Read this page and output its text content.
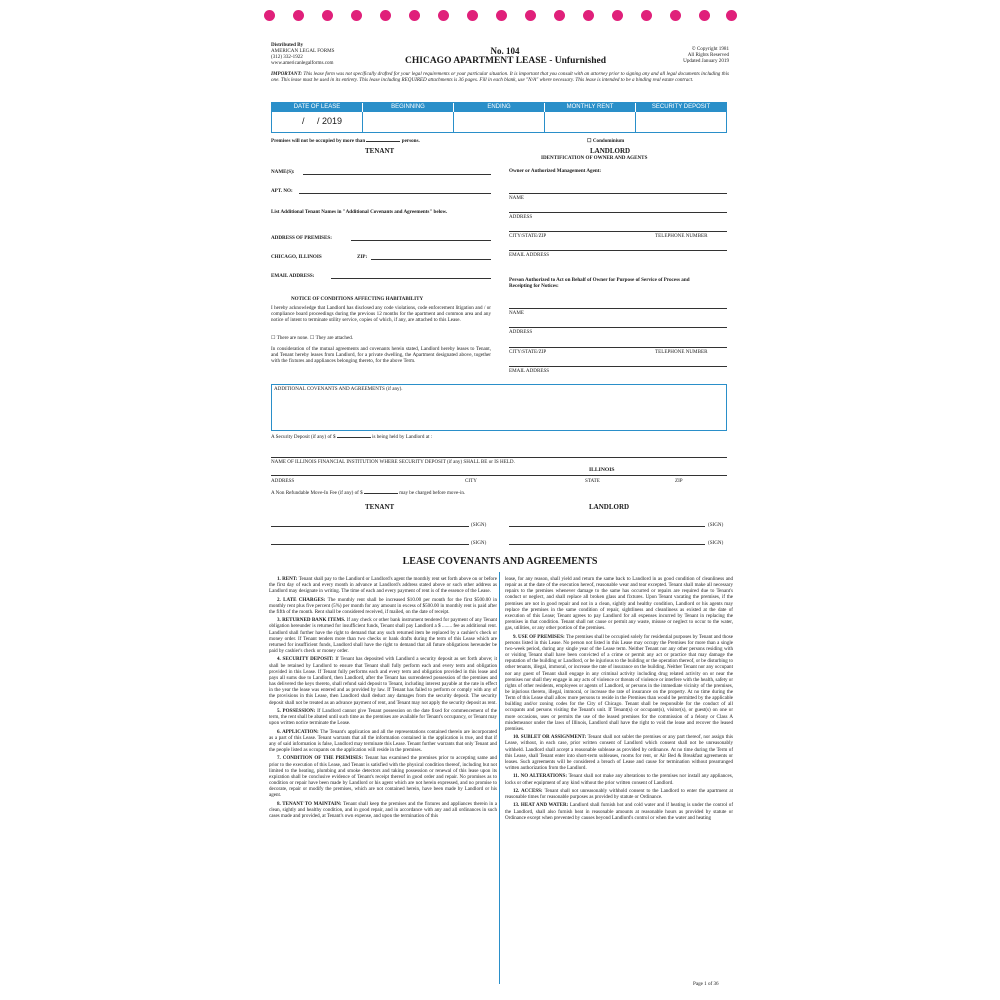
Distributed By
AMERICAN LEGAL FORMS
(312) 332-1922
www.americanlegalforms.com
No. 104
CHICAGO APARTMENT LEASE - Unfurnished
© Copyright 1981
All Rights Reserved
Updated January 2019
IMPORTANT: This lease form was not specifically drafted for your legal requirements or your particular situation. It is important that you consult with an attorney prior to signing any and all legal documents including this one. This lease must be used in its entirety. This lease including REQUIRED attachments is 36 pages. Fill in each blank, use "N/A" where necessary. This lease is intended to be a binding real estate contract.
DATE OF LEASE	BEGINNING	ENDING	MONTHLY RENT	SECURITY DEPOSIT
/     / 2019
Premises will not be occupied by more than	persons.	☐ Condominium
TENANT
NAME(S):
APT. NO:
List Additional Tenant Names in "Additional Covenants and Agreements" below.
ADDRESS OF PREMISES:
CHICAGO, ILLINOIS	ZIP:
EMAIL ADDRESS:
NOTICE OF CONDITIONS AFFECTING HABITABILITY
I hereby acknowledge that Landlord has disclosed any code violations, code enforcement litigation and / or compliance board proceedings during the previous 12 months for the apartment and common area and any notice of intent to terminate utility service, copies of which, if any, are attached to this Lease.
☐ There are none. ☐ They are attached.
In consideration of the mutual agreements and covenants herein stated, Landlord hereby leases to Tenant, and Tenant hereby leases from Landlord, for a private dwelling, the Apartment designated above, together with the fixtures and appliances belonging thereto, for the above Term.
LANDLORD
IDENTIFICATION OF OWNER AND AGENTS
Owner or Authorized Management Agent:
NAME
ADDRESS
CITY/STATE/ZIP	TELEPHONE NUMBER
EMAIL ADDRESS
Person Authorized to Act on Behalf of Owner for Purpose of Service of Process and Receipting for Notices:
NAME
ADDRESS
CITY/STATE/ZIP	TELEPHONE NUMBER
EMAIL ADDRESS
ADDITIONAL COVENANTS AND AGREEMENTS (if any).
A Security Deposit (if any) of $	is being held by Landlord at :
NAME OF ILLINOIS FINANCIAL INSTITUTION WHERE SECURITY DEPOSIT (if any) SHALL BE or IS HELD.
ILLINOIS
ADDRESS	CITY	STATE	ZIP
A Non Refundable Move-In Fee (if any) of $	may be charged before move-in.
TENANT	LANDLORD
(SIGN)	(SIGN)
(SIGN)	(SIGN)
LEASE COVENANTS AND AGREEMENTS

1. RENT: Tenant shall pay to the Landlord or Landlord's agent the monthly rent set forth above on or before the first day of each and every month in advance at Landlord's address stated above or such other address as Landlord may designate in writing. The time of each and every payment of rent is of the essence of the Lease.

2. LATE CHARGES: The monthly rent shall be increased $10.00 per month for the first $500.00 in monthly rent plus five percent (5%) per month for any amount in excess of $500.00 in monthly rent is paid after the fifth of the month. Rent shall be considered received, if mailed, on the date of receipt.

3. RETURNED BANK ITEMS. If any check or other bank instrument tendered for payment of any Tenant obligation hereunder is returned for insufficient funds, Tenant shall pay Landlord a $ ........ fee as additional rent. Landlord shall further have the right to demand that any such returned item be replaced by a cashier's check or money order. If Tenant tenders more than two checks or bank drafts during the term of this Lease which are returned for insufficient funds, Landlord shall have the right to demand that all future obligations hereunder be paid by cashier's check or money order.

4. SECURITY DEPOSIT: If Tenant has deposited with Landlord a security deposit as set forth above; it shall be retained by Landlord to ensure that Tenant shall fully perform each and every term and obligation provided in this Lease. If Tenant fully performs each and every term and obligation provided in this lease and pays all sums due to Landlord, then Landlord, after the Tenant has surrendered possession of the premises and has delivered the keys thereto, shall refund said deposit to Tenant, including interest payable at the rate in effect in the year the lease was entered and as provided by law. If Tenant has failed to perform or comply with any of the provisions in this Lease, then Landlord shall deduct any damages from the security deposit. The security deposit shall not be treated as an advance payment of rent, and Tenant may not apply the security deposit as rent.

5. POSSESSION: If Landlord cannot give Tenant possession on the date fixed for commencement of the term, the rent shall be abated until such time as the premises are available for Tenant's occupancy, or Tenant may upon written notice terminate the Lease.

6. APPLICATION: The Tenant's application and all the representations contained therein are incorporated as a part of this Lease. Tenant warrants that all the information contained in the application is true, and that if any of said information is false, Landlord may terminate this Lease. Tenant further warrants that only Tenant and the people listed as occupants on the application will reside in the premises.

7. CONDITION OF THE PREMISES: Tenant has examined the premises prior to accepting same and prior to the execution of this Lease, and Tenant is satisfied with the physical condition thereof, including but not limited to the heating, plumbing and smoke detectors and taking possession or renewal of this lease upon its expiration shall be conclusive evidence of Tenant's receipt thereof in good order and repair. No promises as to condition or repair have been made by Landlord or his agent which are not herein expressed, and no promise to decorate, repair or modify the premises, which are not contained herein, have been made by Landlord or his agent.

8. TENANT TO MAINTAIN: Tenant shall keep the premises and the fixtures and appliances therein in a clean, sightly and healthy condition, and in good repair, and in accordance with any and all ordinances in such cases made and provided, at Tenant's own expense, and upon the termination of this

lease, for any reason, shall yield and return the same back to Landlord in as good condition of cleanliness and repair as at the date of the execution hereof, reasonable wear and tear excepted. Tenant shall make all necessary repairs to the premises whenever damage to the same has occurred or repairs are required due to Tenant's conduct or neglect, and shall replace all broken glass and fixtures. Upon Tenant vacating the premises, if the premises are not in good repair and not in a clean, sightly and healthy condition, Landlord or his agents may replace the premises in the same condition of repair, sightliness and cleanliness as existed at the date of execution of this Lease; Tenant agrees to pay Landlord for all expenses incurred by Tenant in replacing the premises in that condition. Tenant shall not cause or permit any waste, misuse or neglect to occur to the water, gas, utilities, or any other portion of the premises.

9. USE OF PREMISES: The premises shall be occupied solely for residential purposes by Tenant and those persons listed in this Lease. No person not listed in this Lease may occupy the Premises for more than a single two-week period, during any single year of the Lease term. Neither Tenant nor any other persons residing with or visiting Tenant shall have been convicted of a crime or permit any act or practice that may damage the reputation of the building or Landlord, or be injurious to the building or the operation thereof, or be disturbing to other tenants, illegal, immoral, or increase the rate of insurance on the building. Neither Tenant nor any occupant nor any guest of Tenant shall engage in any criminal activity including drug related activity on or near the premises nor shall they engage in any acts of violence or threats of violence or interfere with the health, safety or rights of other residents, employees or agents of Landlord, or persons in the immediate vicinity of the premises, be injurious thereto, illegal, immoral, or increase the rate of insurance on the property. At no time during the Term of this Lease shall allow more persons to reside in the Premises than would be permitted by the applicable building and/or zoning codes for the City of Chicago. Tenant shall be responsible for the conduct of all occupants and persons visiting the Tenant's unit. If Tenant(s) or occupant(s), visitor(s), or guest(s) on one or more occasions, uses or permits the use of the leased premises for the commission of a felony or Class A misdemeanor under the laws of Illinois, Landlord shall have the right to void the lease and recover the leased premises.

10. SUBLET OR ASSIGNMENT: Tenant shall not sublet the premises or any part thereof, nor assign this Lease, without, in each case, prior written consent of Landlord which consent shall not be unreasonably withheld. Landlord shall accept a reasonable sublease as provided by ordinance. At no time during the Term of this Lease, shall Tenant enter into short-term subleases, rooms for rent, or Air Bed & Breakfast agreements or leases. Such agreements will be considered a breach of Lease and cause for termination without prearranged written authorization from the Landlord.

11. NO ALTERATIONS: Tenant shall not make any alterations to the premises nor install any appliances, locks or other equipment of any kind without the prior written consent of Landlord.

12. ACCESS: Tenant shall not unreasonably withhold consent to the Landlord to enter the apartment at reasonable times for reasonable purposes as provided by statute or Ordinance.

13. HEAT AND WATER: Landlord shall furnish hot and cold water and if heating is under the control of the Landlord, shall also furnish heat in reasonable amounts at reasonable hours as provided by statute or Ordinance except when prevented by causes beyond Landlord's control or when the water and heating

Page 1 of 36
